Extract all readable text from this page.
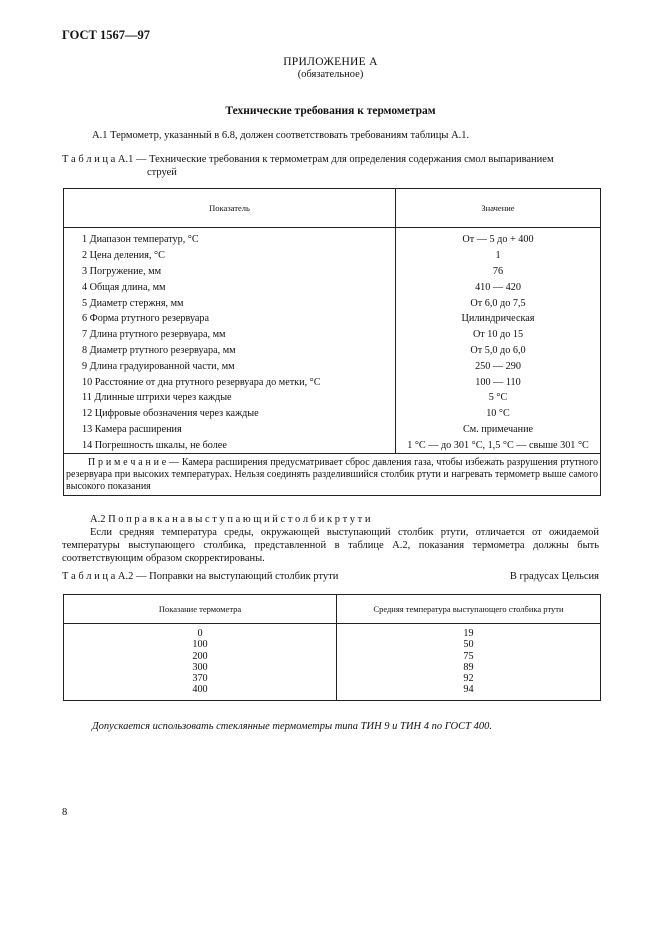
ГОСТ 1567—97
ПРИЛОЖЕНИЕ А
(обязательное)
Технические требования к термометрам
А.1 Термометр, указанный в 6.8, должен соответствовать требованиям таблицы А.1.
Т а б л и ц а А.1 — Технические требования к термометрам для определения содержания смол выпариванием
струей
Показатель	Значение
1 Диапазон температур, °С	От — 5 до + 400
2 Цена деления, °С	1
3 Погружение, мм	76
4 Общая длина, мм	410 — 420
5 Диаметр стержня, мм	От 6,0 до 7,5
6 Форма ртутного резервуара	Цилиндрическая
7 Длина ртутного резервуара, мм	От 10 до 15
8 Диаметр ртутного резервуара, мм	От 5,0 до 6,0
9 Длина градуированной части, мм	250 — 290
10 Расстояние от дна ртутного резервуара до метки, °С	100 — 110
11 Длинные штрихи через каждые	5 °С
12 Цифровые обозначения через каждые	10 °С
13 Камера расширения	См. примечание
14 Погрешность шкалы, не более	1 °С — до 301 °С, 1,5 °С — свыше 301 °С
П р и м е ч а н и е — Камера расширения предусматривает сброс давления газа, чтобы избежать разрушения ртутного резервуара при высоких температурах. Нельзя соединять разделившийся столбик ртути и нагревать термометр выше самого высокого показания	
А.2 П о п р а в к а н а в ы с т у п а ю щ и й с т о л б и к р т у т и
Если средняя температура среды, окружающей выступающий столбик ртути, отличается от ожидаемой температуры выступающего столбика, представленной в таблице А.2, показания термометра должны быть соответствующим образом скорректированы.
Т а б л и ц а А.2 — Поправки на выступающий столбик ртути	В градусах Цельсия
Показание термометра	Средняя температура выступающего столбика ртути
0	19
100	50
200	75
300	89
370	92
400	94
Допускается использовать стеклянные термометры типа ТИН 9 и ТИН 4 по ГОСТ 400.
8
